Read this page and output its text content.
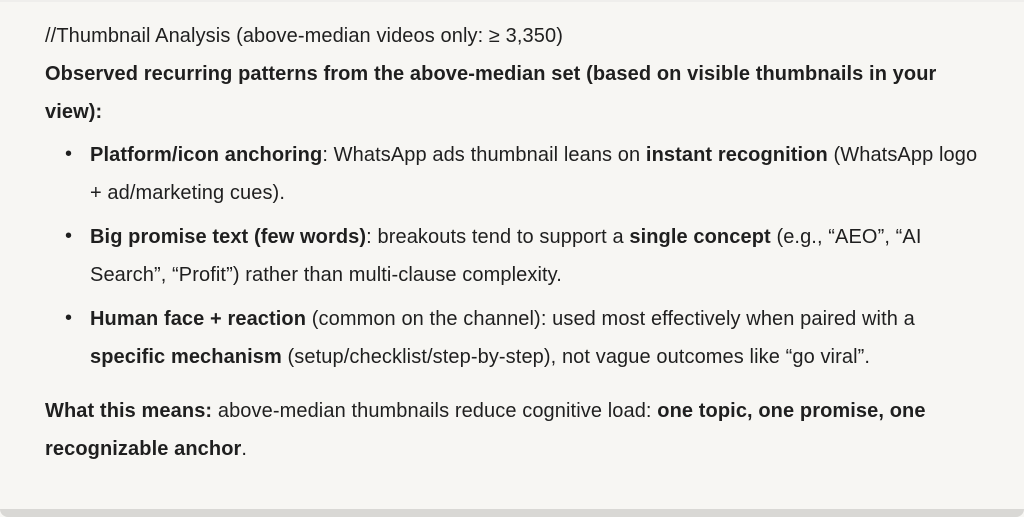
//Thumbnail Analysis (above-median videos only: ≥ 3,350)

Observed recurring patterns from the above-median set (based on visible thumbnails in your view):

• Platform/icon anchoring: WhatsApp ads thumbnail leans on instant recognition (WhatsApp logo + ad/marketing cues).
• Big promise text (few words): breakouts tend to support a single concept (e.g., “AEO”, “AI Search”, “Profit”) rather than multi-clause complexity.
• Human face + reaction (common on the channel): used most effectively when paired with a specific mechanism (setup/checklist/step-by-step), not vague outcomes like “go viral”.

What this means: above-median thumbnails reduce cognitive load: one topic, one promise, one recognizable anchor.
